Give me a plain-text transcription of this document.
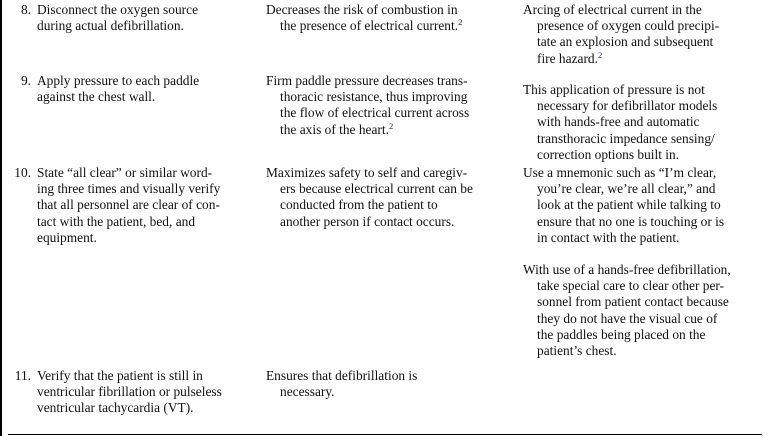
8. Disconnect the oxygen source
during actual defibrillation.

Decreases the risk of combustion in
the presence of electrical current.$^2$

Arcing of electrical current in the
presence of oxygen could precipi-
tate an explosion and subsequent
fire hazard.$^2$
9. Apply pressure to each paddle
against the chest wall.

Firm paddle pressure decreases trans-
thoracic resistance, thus improving
the flow of electrical current across
the axis of the heart.$^2$

This application of pressure is not
necessary for defibrillator models
with hands-free and automatic
transthoracic impedance sensing/
correction options built in.
10. State “all clear” or similar word-
ing three times and visually verify
that all personnel are clear of con-
tact with the patient, bed, and
equipment.

Maximizes safety to self and caregiv-
ers because electrical current can be
conducted from the patient to
another person if contact occurs.

Use a mnemonic such as “I’m clear,
you’re clear, we’re all clear,” and
look at the patient while talking to
ensure that no one is touching or is
in contact with the patient.
With use of a hands-free defibrillation,
take special care to clear other per-
sonnel from patient contact because
they do not have the visual cue of
the paddles being placed on the
patient’s chest.
11. Verify that the patient is still in
ventricular fibrillation or pulseless
ventricular tachycardia (VT).

Ensures that defibrillation is
necessary.
